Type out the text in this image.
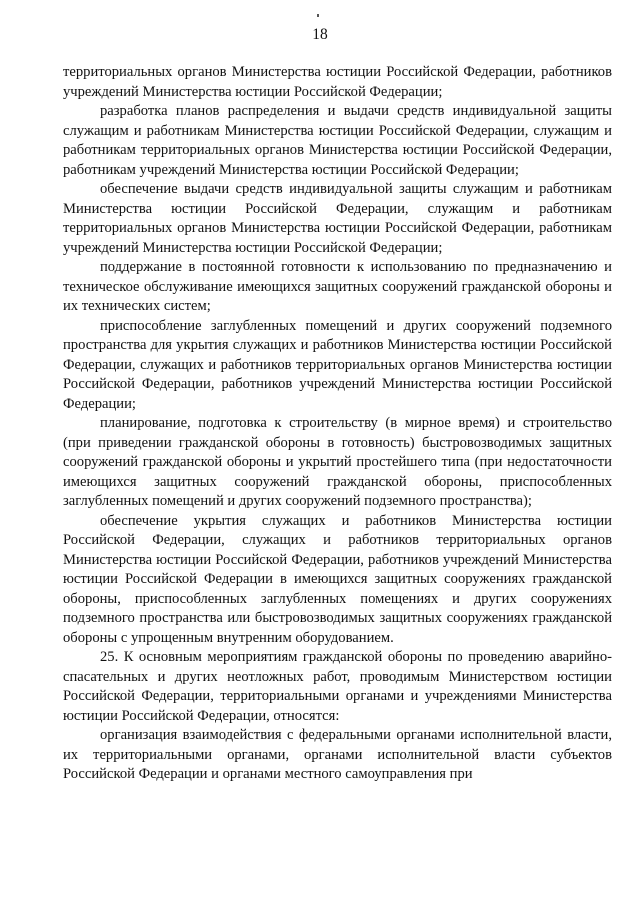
18

территориальных органов Министерства юстиции Российской Федерации, работников учреждений Министерства юстиции Российской Федерации;

разработка планов распределения и выдачи средств индивидуальной защиты служащим и работникам Министерства юстиции Российской Федерации, служащим и работникам территориальных органов Министерства юстиции Российской Федерации, работникам учреждений Министерства юстиции Российской Федерации;

обеспечение выдачи средств индивидуальной защиты служащим и работникам Министерства юстиции Российской Федерации, служащим и работникам территориальных органов Министерства юстиции Российской Федерации, работникам учреждений Министерства юстиции Российской Федерации;

поддержание в постоянной готовности к использованию по предназначению и техническое обслуживание имеющихся защитных сооружений гражданской обороны и их технических систем;

приспособление заглубленных помещений и других сооружений подземного пространства для укрытия служащих и работников Министерства юстиции Российской Федерации, служащих и работников территориальных органов Министерства юстиции Российской Федерации, работников учреждений Министерства юстиции Российской Федерации;

планирование, подготовка к строительству (в мирное время) и строительство (при приведении гражданской обороны в готовность) быстровозводимых защитных сооружений гражданской обороны и укрытий простейшего типа (при недостаточности имеющихся защитных сооружений гражданской обороны, приспособленных заглубленных помещений и других сооружений подземного пространства);

обеспечение укрытия служащих и работников Министерства юстиции Российской Федерации, служащих и работников территориальных органов Министерства юстиции Российской Федерации, работников учреждений Министерства юстиции Российской Федерации в имеющихся защитных сооружениях гражданской обороны, приспособленных заглубленных помещениях и других сооружениях подземного пространства или быстровозводимых защитных сооружениях гражданской обороны с упрощенным внутренним оборудованием.

25. К основным мероприятиям гражданской обороны по проведению аварийно-спасательных и других неотложных работ, проводимым Министерством юстиции Российской Федерации, территориальными органами и учреждениями Министерства юстиции Российской Федерации, относятся:

организация взаимодействия с федеральными органами исполнительной власти, их территориальными органами, органами исполнительной власти субъектов Российской Федерации и органами местного самоуправления при
